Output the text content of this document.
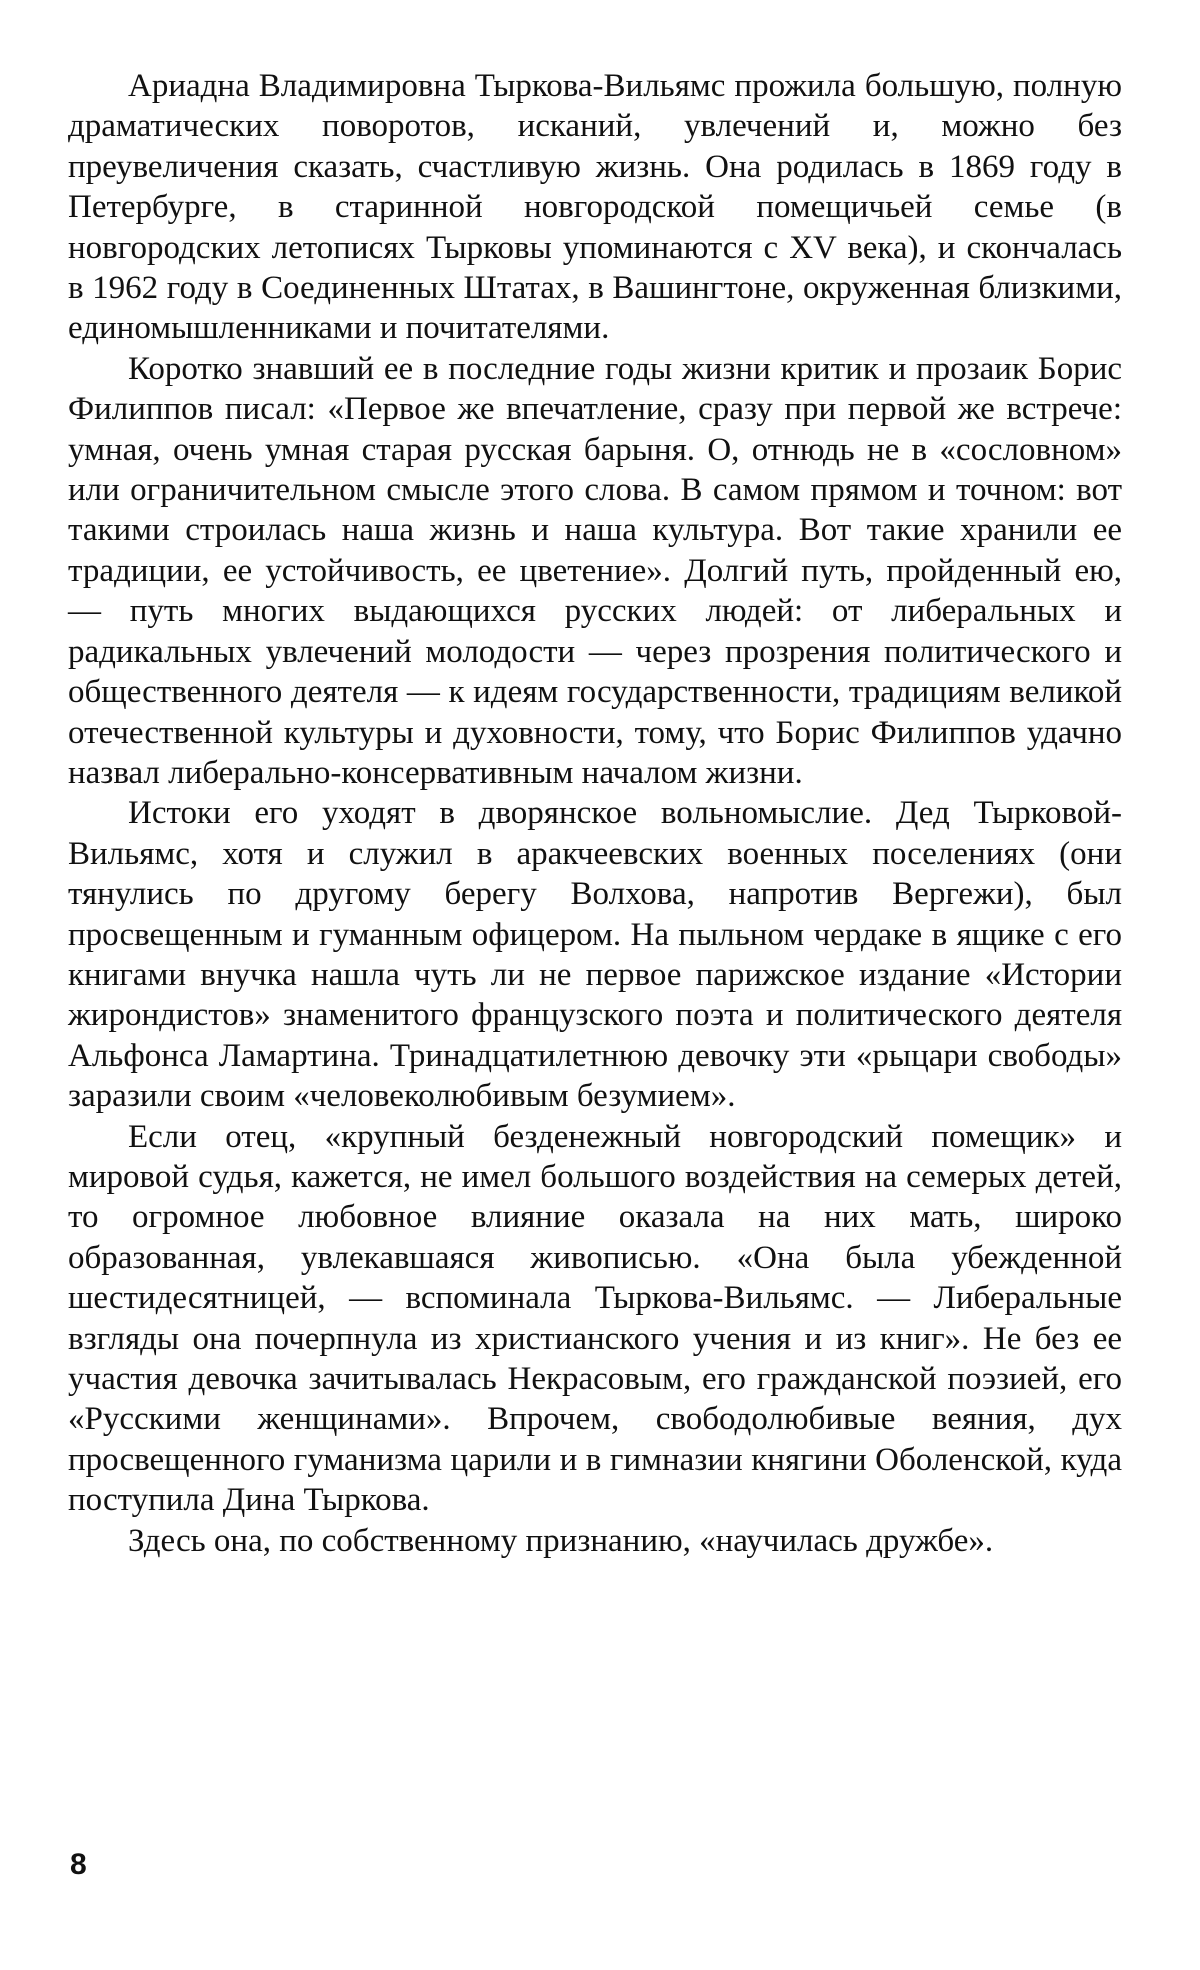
Ариадна Владимировна Тыркова-Вильямс прожила большую, полную драматических поворотов, исканий, увлечений и, можно без преувеличения сказать, счастливую жизнь. Она родилась в 1869 году в Петербурге, в старинной новгородской помещичьей семье (в новгородских летописях Тырковы упоминаются с XV века), и скончалась в 1962 году в Соединенных Штатах, в Вашингтоне, окруженная близкими, единомышленниками и почитателями.

Коротко знавший ее в последние годы жизни критик и прозаик Борис Филиппов писал: «Первое же впечатление, сразу при первой же встрече: умная, очень умная старая русская барыня. О, отнюдь не в «сословном» или ограничительном смысле этого слова. В самом прямом и точном: вот такими строилась наша жизнь и наша культура. Вот такие хранили ее традиции, ее устойчивость, ее цветение». Долгий путь, пройденный ею, — путь многих выдающихся русских людей: от либеральных и радикальных увлечений молодости — через прозрения политического и общественного деятеля — к идеям государственности, традициям великой отечественной культуры и духовности, тому, что Борис Филиппов удачно назвал либерально-консервативным началом жизни.

Истоки его уходят в дворянское вольномыслие. Дед Тырковой-Вильямс, хотя и служил в аракчеевских военных поселениях (они тянулись по другому берегу Волхова, напротив Вергежи), был просвещенным и гуманным офицером. На пыльном чердаке в ящике с его книгами внучка нашла чуть ли не первое парижское издание «Истории жирондистов» знаменитого французского поэта и политического деятеля Альфонса Ламартина. Тринадцатилетнюю девочку эти «рыцари свободы» заразили своим «человеколюбивым безумием».

Если отец, «крупный безденежный новгородский помещик» и мировой судья, кажется, не имел большого воздействия на семерых детей, то огромное любовное влияние оказала на них мать, широко образованная, увлекавшаяся живописью. «Она была убежденной шестидесятницей, — вспоминала Тыркова-Вильямс. — Либеральные взгляды она почерпнула из христианского учения и из книг». Не без ее участия девочка зачитывалась Некрасовым, его гражданской поэзией, его «Русскими женщинами». Впрочем, свободолюбивые веяния, дух просвещенного гуманизма царили и в гимназии княгини Оболенской, куда поступила Дина Тыркова.

Здесь она, по собственному признанию, «научилась дружбе».

8
